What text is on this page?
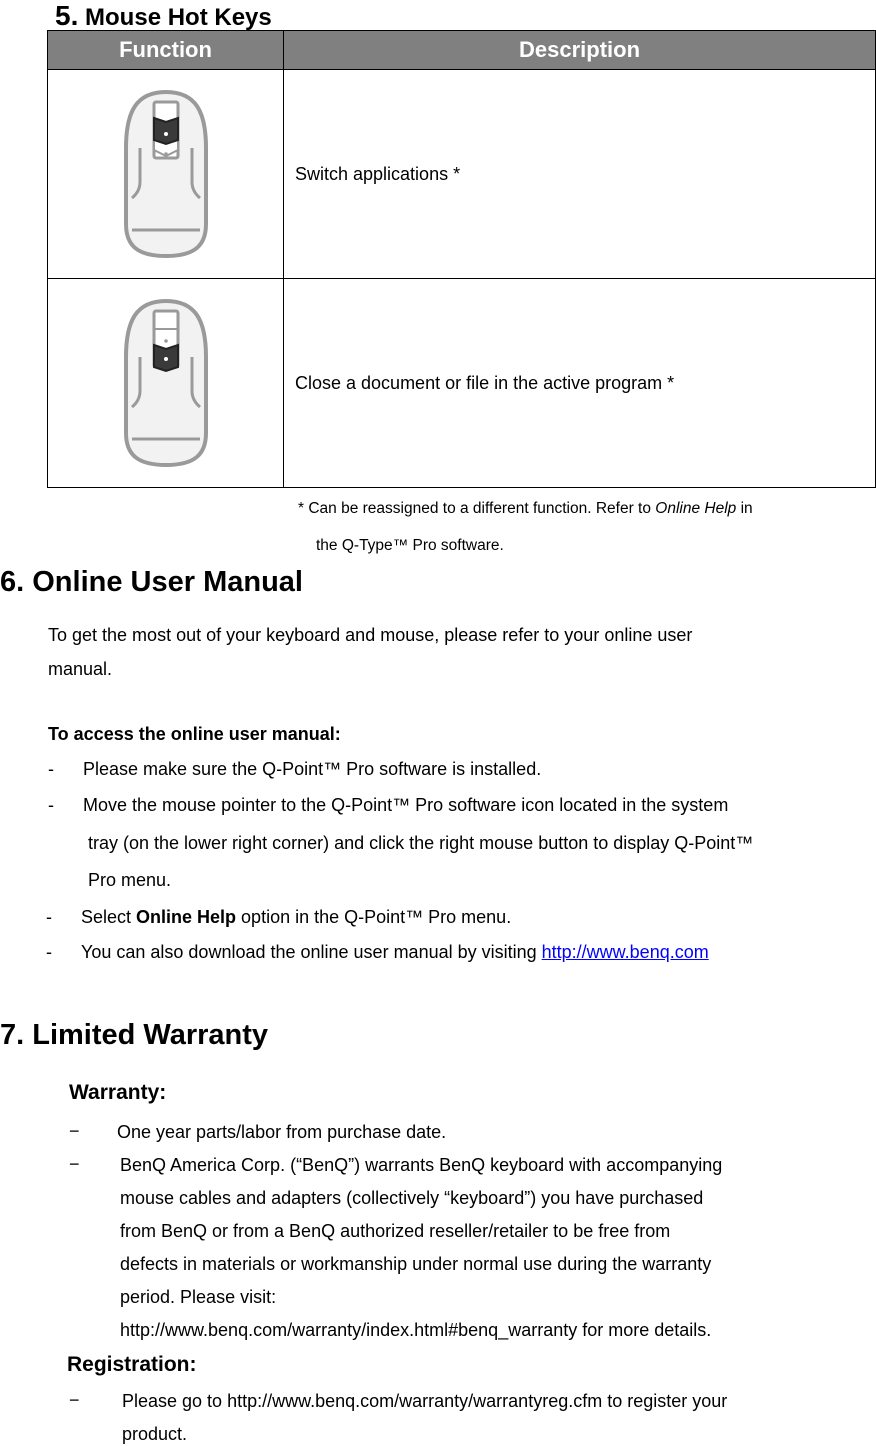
5. Mouse Hot Keys
Function	Description

	Switch applications *

	Close a document or file in the active program *
* Can be reassigned to a different function. Refer to Online Help in
the Q-Type™ Pro software.
6. Online User Manual
To get the most out of your keyboard and mouse, please refer to your online user
manual.
To access the online user manual:
- Please make sure the Q-Point™ Pro software is installed.
- Move the mouse pointer to the Q-Point™ Pro software icon located in the system
tray (on the lower right corner) and click the right mouse button to display Q-Point™
Pro menu.
- Select Online Help option in the Q-Point™ Pro menu.
- You can also download the online user manual by visiting http://www.benq.com
7. Limited Warranty
Warranty:
− One year parts/labor from purchase date.
− BenQ America Corp. (“BenQ”) warrants BenQ keyboard with accompanying
mouse cables and adapters (collectively “keyboard”) you have purchased
from BenQ or from a BenQ authorized reseller/retailer to be free from
defects in materials or workmanship under normal use during the warranty
period. Please visit:
http://www.benq.com/warranty/index.html#benq_warranty for more details.
Registration:
− Please go to http://www.benq.com/warranty/warrantyreg.cfm to register your
product.
